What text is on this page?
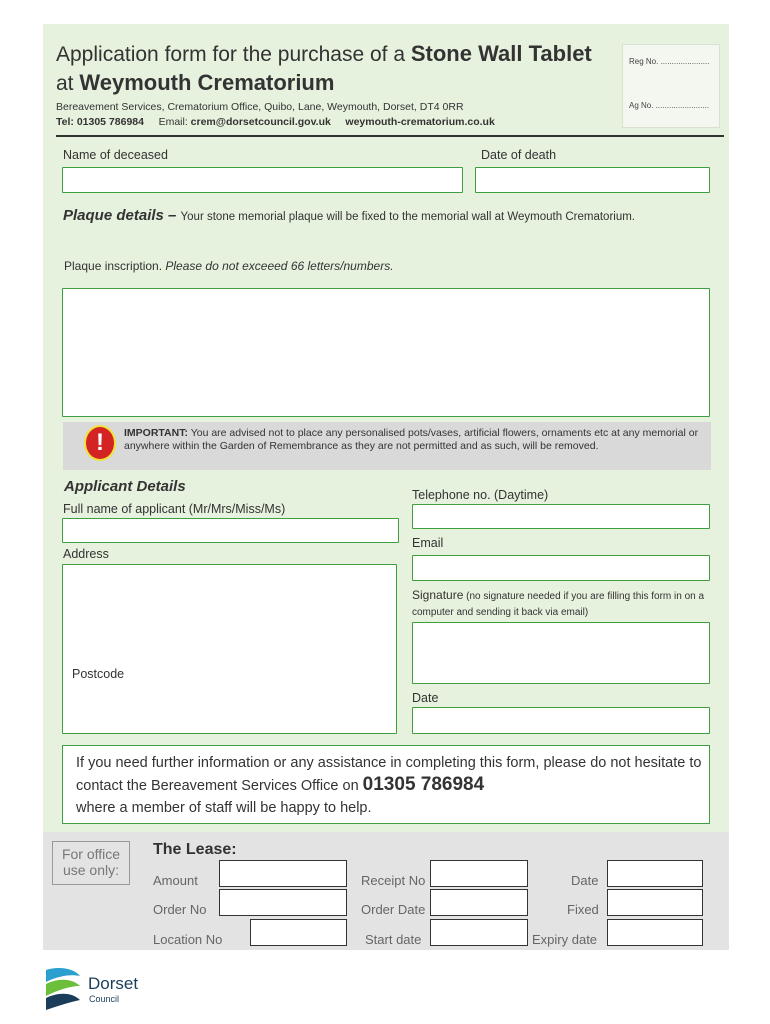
Application form for the purchase of a Stone Wall Tablet
at Weymouth Crematorium
Bereavement Services, Crematorium Office, Quibo, Lane, Weymouth, Dorset, DT4 0RR
Tel: 01305 786984 Email: crem@dorsetcouncil.gov.uk weymouth-crematorium.co.uk
Reg No. ......................
Ag No. ........................
Name of deceased	Date of death
Plaque details – Your stone memorial plaque will be fixed to the memorial wall at Weymouth Crematorium.
Plaque inscription. Please do not exceeed 66 letters/numbers.
!	IMPORTANT: You are advised not to place any personalised pots/vases, artificial flowers, ornaments etc at any memorial or anywhere within the Garden of Remembrance as they are not permitted and as such, will be removed.
Applicant Details
Full name of applicant (Mr/Mrs/Miss/Ms)
Address
Postcode
Telephone no. (Daytime)
Email
Signature (no signature needed if you are filling this form in on a computer and sending it back via email)
Date
If you need further information or any assistance in completing this form, please do not hesitate to contact the Bereavement Services Office on 01305 786984
where a member of staff will be happy to help.
For office use only:
The Lease:
Amount
Order No
Location No
Receipt No
Order Date
Start date
Date
Fixed
Expiry date
Dorset
Council
